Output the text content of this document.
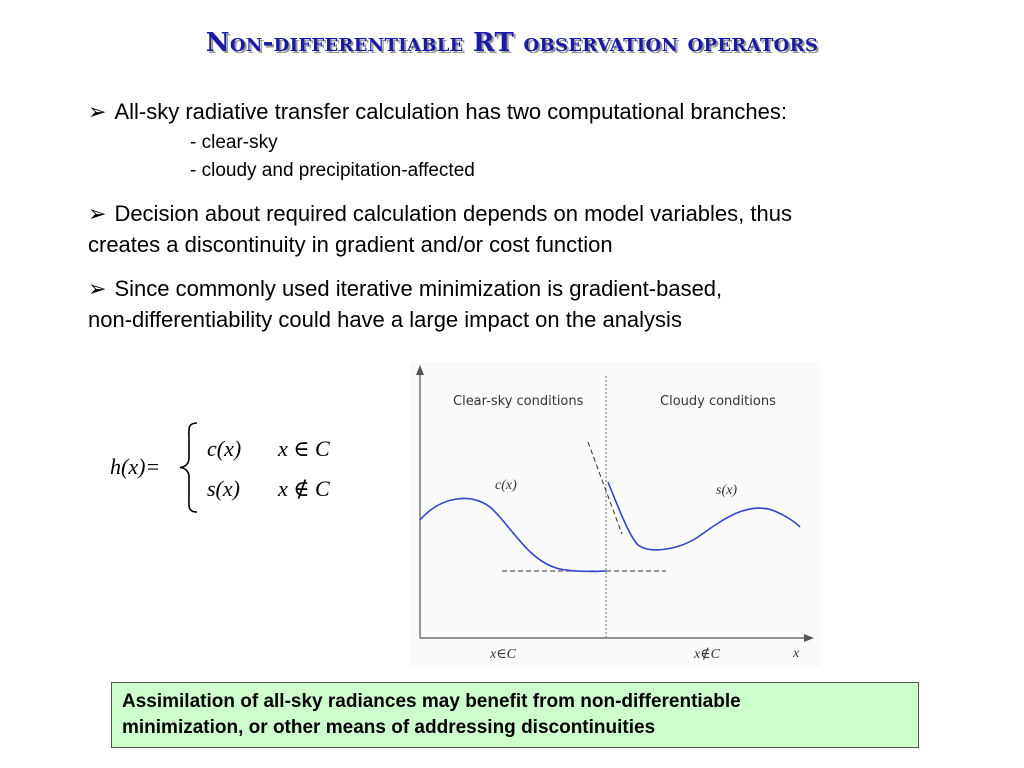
Non-differentiable RT observation operators
➢ All-sky radiative transfer calculation has two computational branches:
- clear-sky
- cloudy and precipitation-affected
➢ Decision about required calculation depends on model variables, thus
creates a discontinuity in gradient and/or cost function
➢ Since commonly used iterative minimization is gradient-based,
non-differentiability could have a large impact on the analysis
h(x)=
c(x) x ∈ C
s(x) x ∉ C
Clear-sky conditions	Cloudy conditions
c(x)	s(x)
x∈C	x∉C	x
Assimilation of all-sky radiances may benefit from non-differentiable
minimization, or other means of addressing discontinuities
